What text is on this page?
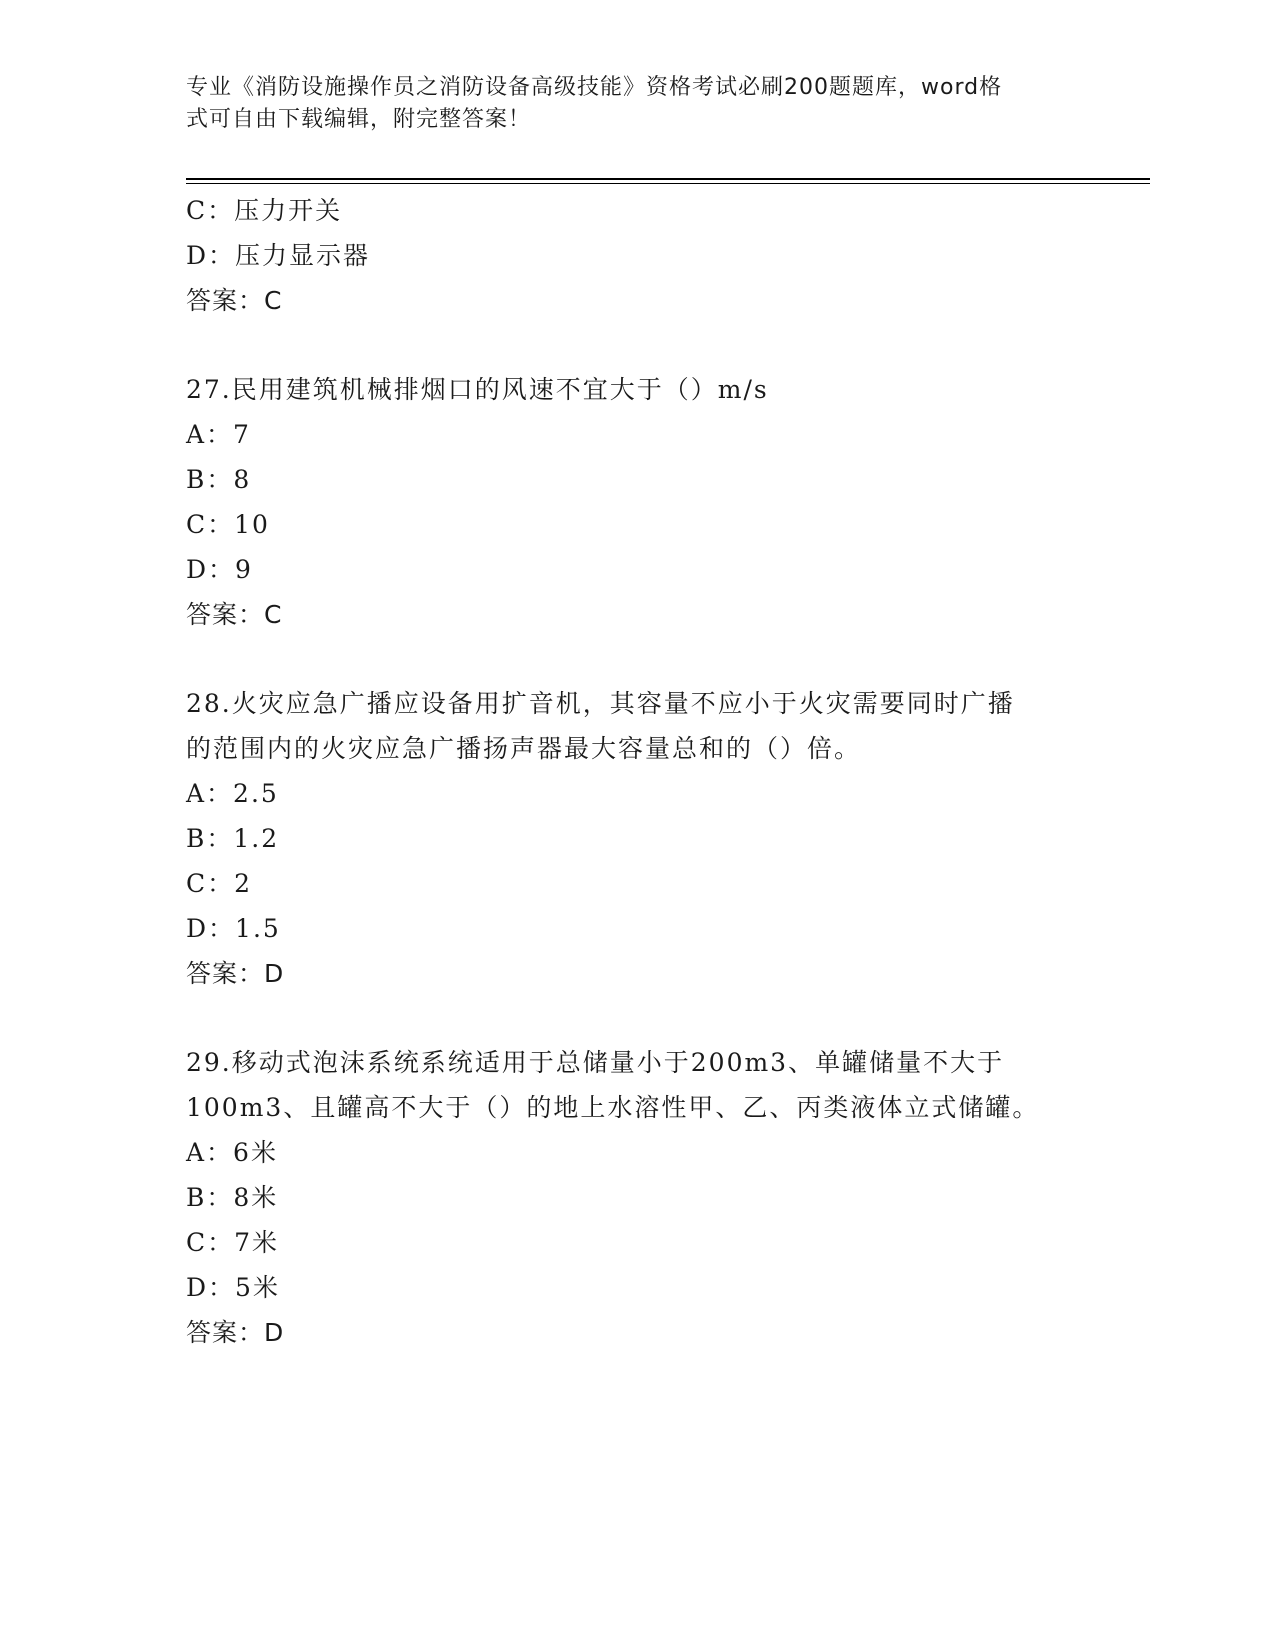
专业《消防设施操作员之消防设备高级技能》资格考试必刷200题题库，word格
式可自由下载编辑，附完整答案！
C：压力开关
D：压力显示器
答案：C
27.民用建筑机械排烟口的风速不宜大于（）m/s
A：7
B：8
C：10
D：9
答案：C
28.火灾应急广播应设备用扩音机，其容量不应小于火灾需要同时广播
的范围内的火灾应急广播扬声器最大容量总和的（）倍。
A：2.5
B：1.2
C：2
D：1.5
答案：D
29.移动式泡沫系统系统适用于总储量小于200m3、单罐储量不大于
100m3、且罐高不大于（）的地上水溶性甲、乙、丙类液体立式储罐。
A：6米
B：8米
C：7米
D：5米
答案：D
